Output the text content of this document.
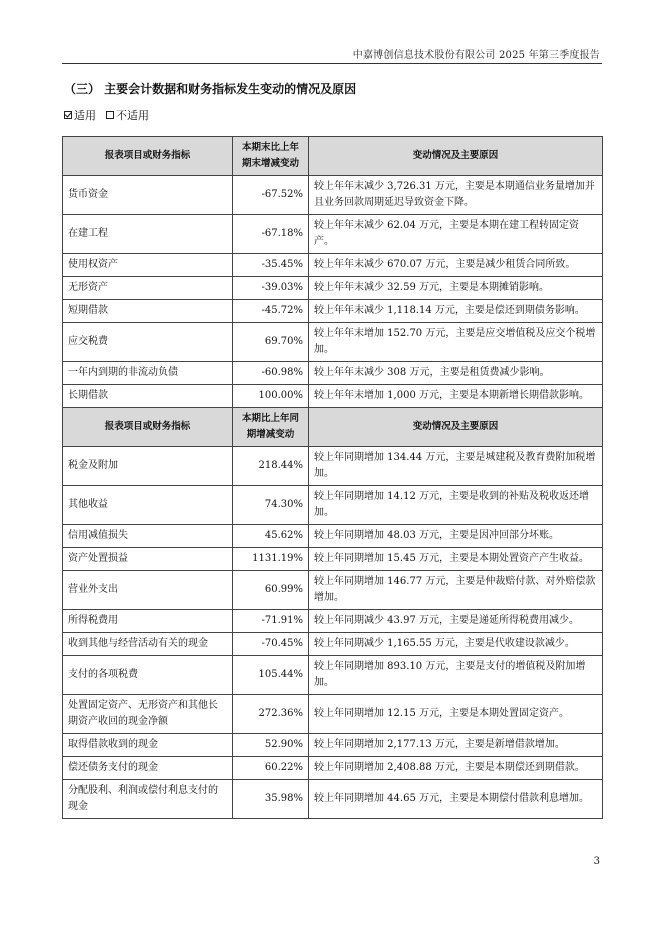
中嘉博创信息技术股份有限公司 2025 年第三季度报告
（三） 主要会计数据和财务指标发生变动的情况及原因
适用 不适用
报表项目或财务指标	本期末比上年期末增减变动	变动情况及主要原因
货币资金	-67.52%	较上年年末减少 3,726.31 万元，主要是本期通信业务量增加并且业务回款周期延迟导致资金下降。
在建工程	-67.18%	较上年年末减少 62.04 万元，主要是本期在建工程转固定资产。
使用权资产	-35.45%	较上年年末减少 670.07 万元，主要是减少租赁合同所致。
无形资产	-39.03%	较上年年末减少 32.59 万元，主要是本期摊销影响。
短期借款	-45.72%	较上年年末减少 1,118.14 万元，主要是偿还到期债务影响。
应交税费	69.70%	较上年年末增加 152.70 万元，主要是应交增值税及应交个税增加。
一年内到期的非流动负债	-60.98%	较上年年末减少 308 万元，主要是租赁费减少影响。
长期借款	100.00%	较上年年末增加 1,000 万元，主要是本期新增长期借款影响。
报表项目或财务指标	本期比上年同期增减变动	变动情况及主要原因
税金及附加	218.44%	较上年同期增加 134.44 万元，主要是城建税及教育费附加税增加。
其他收益	74.30%	较上年同期增加 14.12 万元，主要是收到的补贴及税收返还增加。
信用减值损失	45.62%	较上年同期增加 48.03 万元，主要是因冲回部分坏账。
资产处置损益	1131.19%	较上年同期增加 15.45 万元，主要是本期处置资产产生收益。
营业外支出	60.99%	较上年同期增加 146.77 万元，主要是仲裁赔付款、对外赔偿款增加。
所得税费用	-71.91%	较上年同期减少 43.97 万元，主要是递延所得税费用减少。
收到其他与经营活动有关的现金	-70.45%	较上年同期减少 1,165.55 万元，主要是代收建设款减少。
支付的各项税费	105.44%	较上年同期增加 893.10 万元，主要是支付的增值税及附加增加。
处置固定资产、无形资产和其他长期资产收回的现金净额	272.36%	较上年同期增加 12.15 万元，主要是本期处置固定资产。
取得借款收到的现金	52.90%	较上年同期增加 2,177.13 万元，主要是新增借款增加。
偿还债务支付的现金	60.22%	较上年同期增加 2,408.88 万元，主要是本期偿还到期借款。
分配股利、利润或偿付利息支付的现金	35.98%	较上年同期增加 44.65 万元，主要是本期偿付借款利息增加。
3
